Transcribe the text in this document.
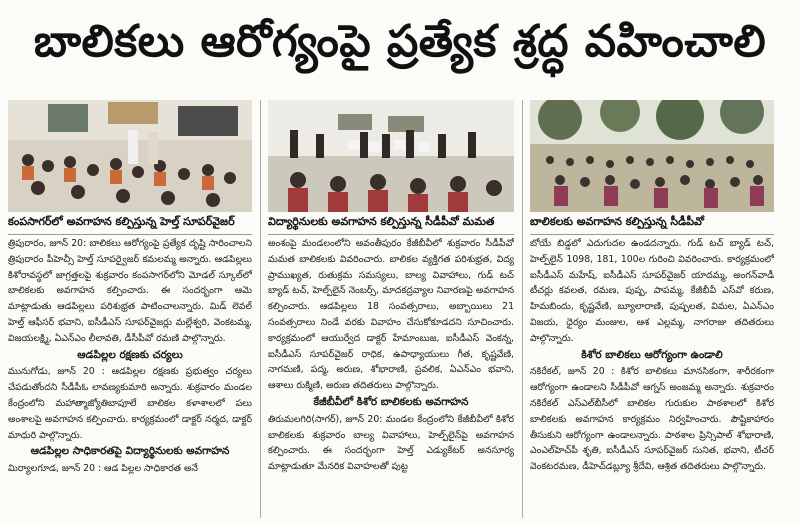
బాలికలు ఆరోగ్యంపై ప్రత్యేక శ్రద్ధ వహించాలి
కంపసాగర్‌లో అవగాహన కల్పిస్తున్న హెల్త్ సూపర్‌వైజర్	విద్యార్థినులకు అవగాహన కల్పిస్తున్న సీడీపీవో మమత	బాలికలకు అవగాహన కల్పిస్తున్న సీడీపీవో

త్రిపురారం, జూన్ 20: బాలికలు ఆరోగ్యంపై ప్రత్యేక దృష్టి సారించాలని త్రిపురారం పీహెచ్సీ హెల్త్ సూపర్వైజర్ కమలమ్మ అన్నారు. ఆడపిల్లలు కిశోరావస్థలో జాగ్రత్తలపై శుక్రవారం కంపసాగర్‌లోని మోడల్ స్కూల్‌లో బాలికలకు అవగాహన కల్పించారు. ఈ సందర్భంగా ఆమె మాట్లాడుతు ఆడపిల్లలు పరిశుభ్రత పాటించాలన్నారు. మిడ్ లెవల్ హెల్త్ ఆఫీసర్ భవాని, ఐసీడీఎస్ సూపర్‌వైజర్లు మల్లేశ్వరి, వెంకటమ్మ, విజయలక్ష్మి, ఏఎన్ఎం లీలావతి, డీసీపీవో రమణి పాల్గొన్నారు.

ఆడపిల్లల రక్షణకు చర్యలు

మునుగోడు, జూన్ 20 : ఆడపిల్లల రక్షణకు ప్రభుత్వం చర్యలు చేపడుతోందని సీడీపీఓ లావణ్యకుమారి అన్నారు. శుక్రవారం మండల కేంద్రంలోని మహాత్మాజ్యోతిబాపూలే బాలికల కళాశాలలో పలు అంశాలపై అవగాహన కల్పించారు. కార్యక్రమంలో డాక్టర్ నర్మద, డాక్టర్ మాధురి పాల్గొన్నారు.

ఆడపిల్లల సాధికారతపై విద్యార్థినులకు అవగాహన

మిర్యాలగూడ, జూన్ 20 : ఆడ పిల్లల సాధికారత అనే

అంశంపై మండలంలోని అవంతీపురం కేజీబీవీలో శుక్రవారం సీడీపీవో మమత బాలికలకు వివరించారు. బాలికల వ్యక్తిగత పరిశుభ్రత, విద్య ప్రాముఖ్యత, రుతుక్రమ సమస్యలు, బాల్య వివాహాలు, గుడ్ టచ్ బ్యాడ్ టచ్, హెల్ప్‌లైన్ నెంబర్స్, మాదకద్రవ్యాల నివారణపై అవగాహన కల్పించారు. ఆడపిల్లలు 18 సంవత్సరాలు, అబ్బాయిలు 21 సంవత్సరాలు నిండే వరకు వివాహం చేసుకోకూడదని సూచించారు. కార్యక్రమంలో ఆయుర్వేద డాక్టర్ హేమాంబుజ, ఐసీడీఎస్ వెంకన్న, ఐసీడీఎస్ సూపర్‌వైజర్ రాధిక, ఉపాధ్యాయులు గీత, కృష్ణవేణి, నాగమణి, పద్మ, అరుణ, శోభారాణి, ప్రవలిక, ఏఎన్ఎం భవాని, ఆశాలు రుక్మిణి, అరుణ తదితరులు పాల్గొన్నారు.

కేజీబీవీలో కిశోర బాలికలకు అవగాహన

తిరుమలగిరి(సాగర్), జూన్ 20: మండల కేంద్రంలోని కేజీబీవీలో కిశోర బాలికలకు శుక్రవారం బాల్య వివాహాలు, హెల్ప్‌లైన్‌పై అవగాహన కల్పించారు. ఈ సందర్భంగా హెల్త్ ఎడ్యుకేటర్ అనసూర్య మాట్లాడుతూ మేనరిక వివాహలతో పుట్ట

బోయే బిడ్డలో ఎదుగుదల ఉండదన్నారు. గుడ్ టచ్ బ్యాడ్ టచ్, హెల్ప్‌లైన్ 1098, 181, 100ల గురించి వివరించారు. కార్యక్రమంలో ఐసీడీఎస్ మహేష్, ఐసీడీఎస్ సూపర్‌వైజర్ యాదమ్మ, అంగన్‌వాడీ టీచర్లు కవలత, రమణ, పుష్ప, పాపమ్మ, కేజీబీవీ ఎస్‌వో కరుణ, హిమబిందు, కృష్ణవేణి, బ్యూలారాణి, పుష్పలత, విమల, ఏఎన్ఎం విజయ, ధైర్యం మంజుల, ఆశ ఎల్లమ్మ, నాగరాజు తదితరులు పాల్గొన్నారు.

కిశోర బాలికలు ఆరోగ్యంగా ఉండాలి

నకిరేకల్, జూన్ 20 : కిశోర బాలికలు మానసికంగా, శారీరకంగా ఆరోగ్యంగా ఉండాలని సీడీపీవో ఆగ్నస్ అంజమ్మ అన్నారు. శుక్రవారం నకిరేకల్ ఎస్‌ఎల్‌బీసీలో బాలికల గురుకుల పాఠశాలలో కిశోర బాలికలకు అవగాహన కార్యక్రమం నిర్వహించారు. పౌష్టికాహారం తీసుకుని ఆరోగ్యంగా ఉండాలన్నారు. పాఠశాల ప్రిన్సిపాల్ శోభారాణి, ఎంఎల్‌హెచ్‌పీ శృతి, ఐసీడీఎస్ సూపర్‌వైజర్ సునిత, భవాని, టీచర్ వెంకటరమణ, డీహెచ్‌డబ్ల్యూ శ్రీదేవి, ఆశ్రిత తదితరులు పాల్గొన్నారు.
